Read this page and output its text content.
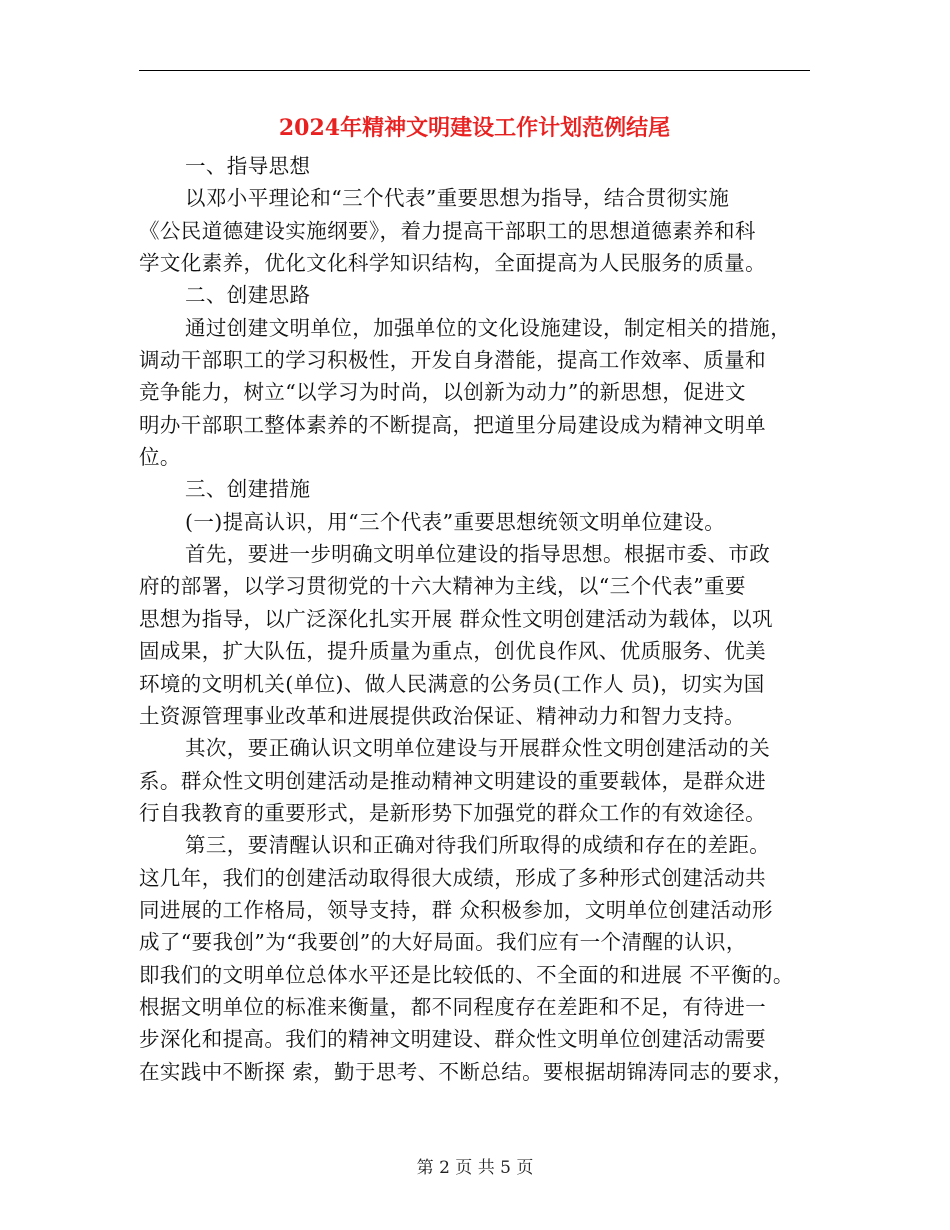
2024年精神文明建设工作计划范例结尾
一、指导思想
以邓小平理论和“三个代表”重要思想为指导，结合贯彻实施
《公民道德建设实施纲要》，着力提高干部职工的思想道德素养和科
学文化素养，优化文化科学知识结构，全面提高为人民服务的质量。
二、创建思路
通过创建文明单位，加强单位的文化设施建设，制定相关的措施，
调动干部职工的学习积极性，开发自身潜能，提高工作效率、质量和
竞争能力，树立“以学习为时尚，以创新为动力”的新思想，促进文
明办干部职工整体素养的不断提高，把道里分局建设成为精神文明单
位。
三、创建措施
(一)提高认识，用“三个代表”重要思想统领文明单位建设。
首先，要进一步明确文明单位建设的指导思想。根据市委、市政
府的部署，以学习贯彻党的十六大精神为主线，以“三个代表”重要
思想为指导，以广泛深化扎实开展 群众性文明创建活动为载体，以巩
固成果，扩大队伍，提升质量为重点，创优良作风、优质服务、优美
环境的文明机关(单位)、做人民满意的公务员(工作人 员)，切实为国
土资源管理事业改革和进展提供政治保证、精神动力和智力支持。
其次，要正确认识文明单位建设与开展群众性文明创建活动的关
系。群众性文明创建活动是推动精神文明建设的重要载体，是群众进
行自我教育的重要形式，是新形势下加强党的群众工作的有效途径。
第三，要清醒认识和正确对待我们所取得的成绩和存在的差距。
这几年，我们的创建活动取得很大成绩，形成了多种形式创建活动共
同进展的工作格局，领导支持，群 众积极参加，文明单位创建活动形
成了“要我创”为“我要创”的大好局面。我们应有一个清醒的认识，
即我们的文明单位总体水平还是比较低的、不全面的和进展 不平衡的。
根据文明单位的标准来衡量，都不同程度存在差距和不足，有待进一
步深化和提高。我们的精神文明建设、群众性文明单位创建活动需要
在实践中不断探 索，勤于思考、不断总结。要根据胡锦涛同志的要求，
第 2 页 共 5 页
